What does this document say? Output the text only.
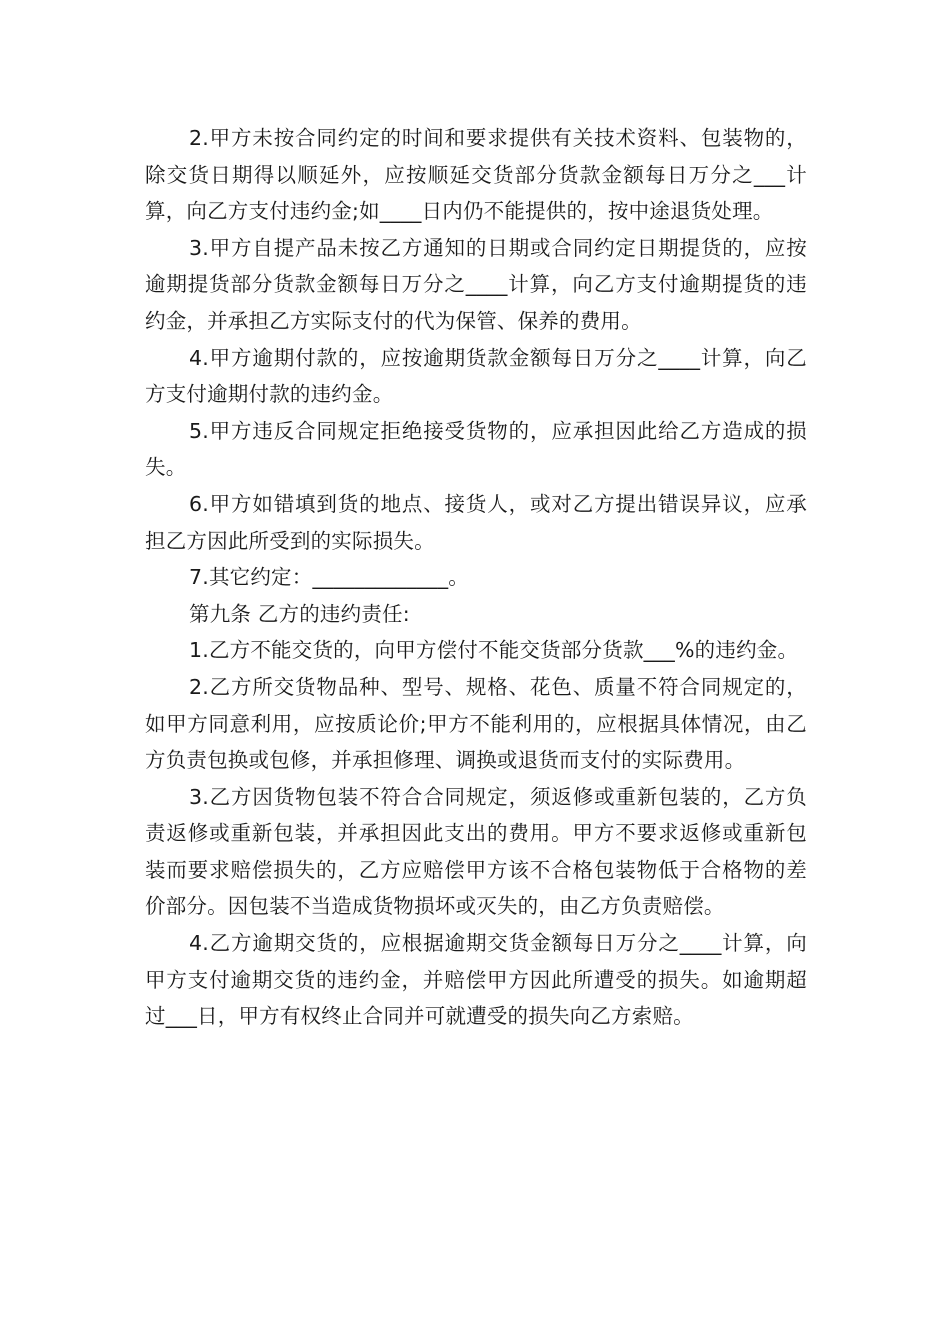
2.甲方未按合同约定的时间和要求提供有关技术资料、包装物的，除交货日期得以顺延外，应按顺延交货部分货款金额每日万分之___计算，向乙方支付违约金;如____日内仍不能提供的，按中途退货处理。

3.甲方自提产品未按乙方通知的日期或合同约定日期提货的，应按逾期提货部分货款金额每日万分之____计算，向乙方支付逾期提货的违约金，并承担乙方实际支付的代为保管、保养的费用。

4.甲方逾期付款的，应按逾期货款金额每日万分之____计算，向乙方支付逾期付款的违约金。

5.甲方违反合同规定拒绝接受货物的，应承担因此给乙方造成的损失。

6.甲方如错填到货的地点、接货人，或对乙方提出错误异议，应承担乙方因此所受到的实际损失。

7.其它约定：_____________。

第九条 乙方的违约责任:

1.乙方不能交货的，向甲方偿付不能交货部分货款___%的违约金。

2.乙方所交货物品种、型号、规格、花色、质量不符合同规定的，如甲方同意利用，应按质论价;甲方不能利用的，应根据具体情况，由乙方负责包换或包修，并承担修理、调换或退货而支付的实际费用。

3.乙方因货物包装不符合合同规定，须返修或重新包装的，乙方负责返修或重新包装，并承担因此支出的费用。甲方不要求返修或重新包装而要求赔偿损失的，乙方应赔偿甲方该不合格包装物低于合格物的差价部分。因包装不当造成货物损坏或灭失的，由乙方负责赔偿。

4.乙方逾期交货的，应根据逾期交货金额每日万分之____计算，向甲方支付逾期交货的违约金，并赔偿甲方因此所遭受的损失。如逾期超过___日，甲方有权终止合同并可就遭受的损失向乙方索赔。
